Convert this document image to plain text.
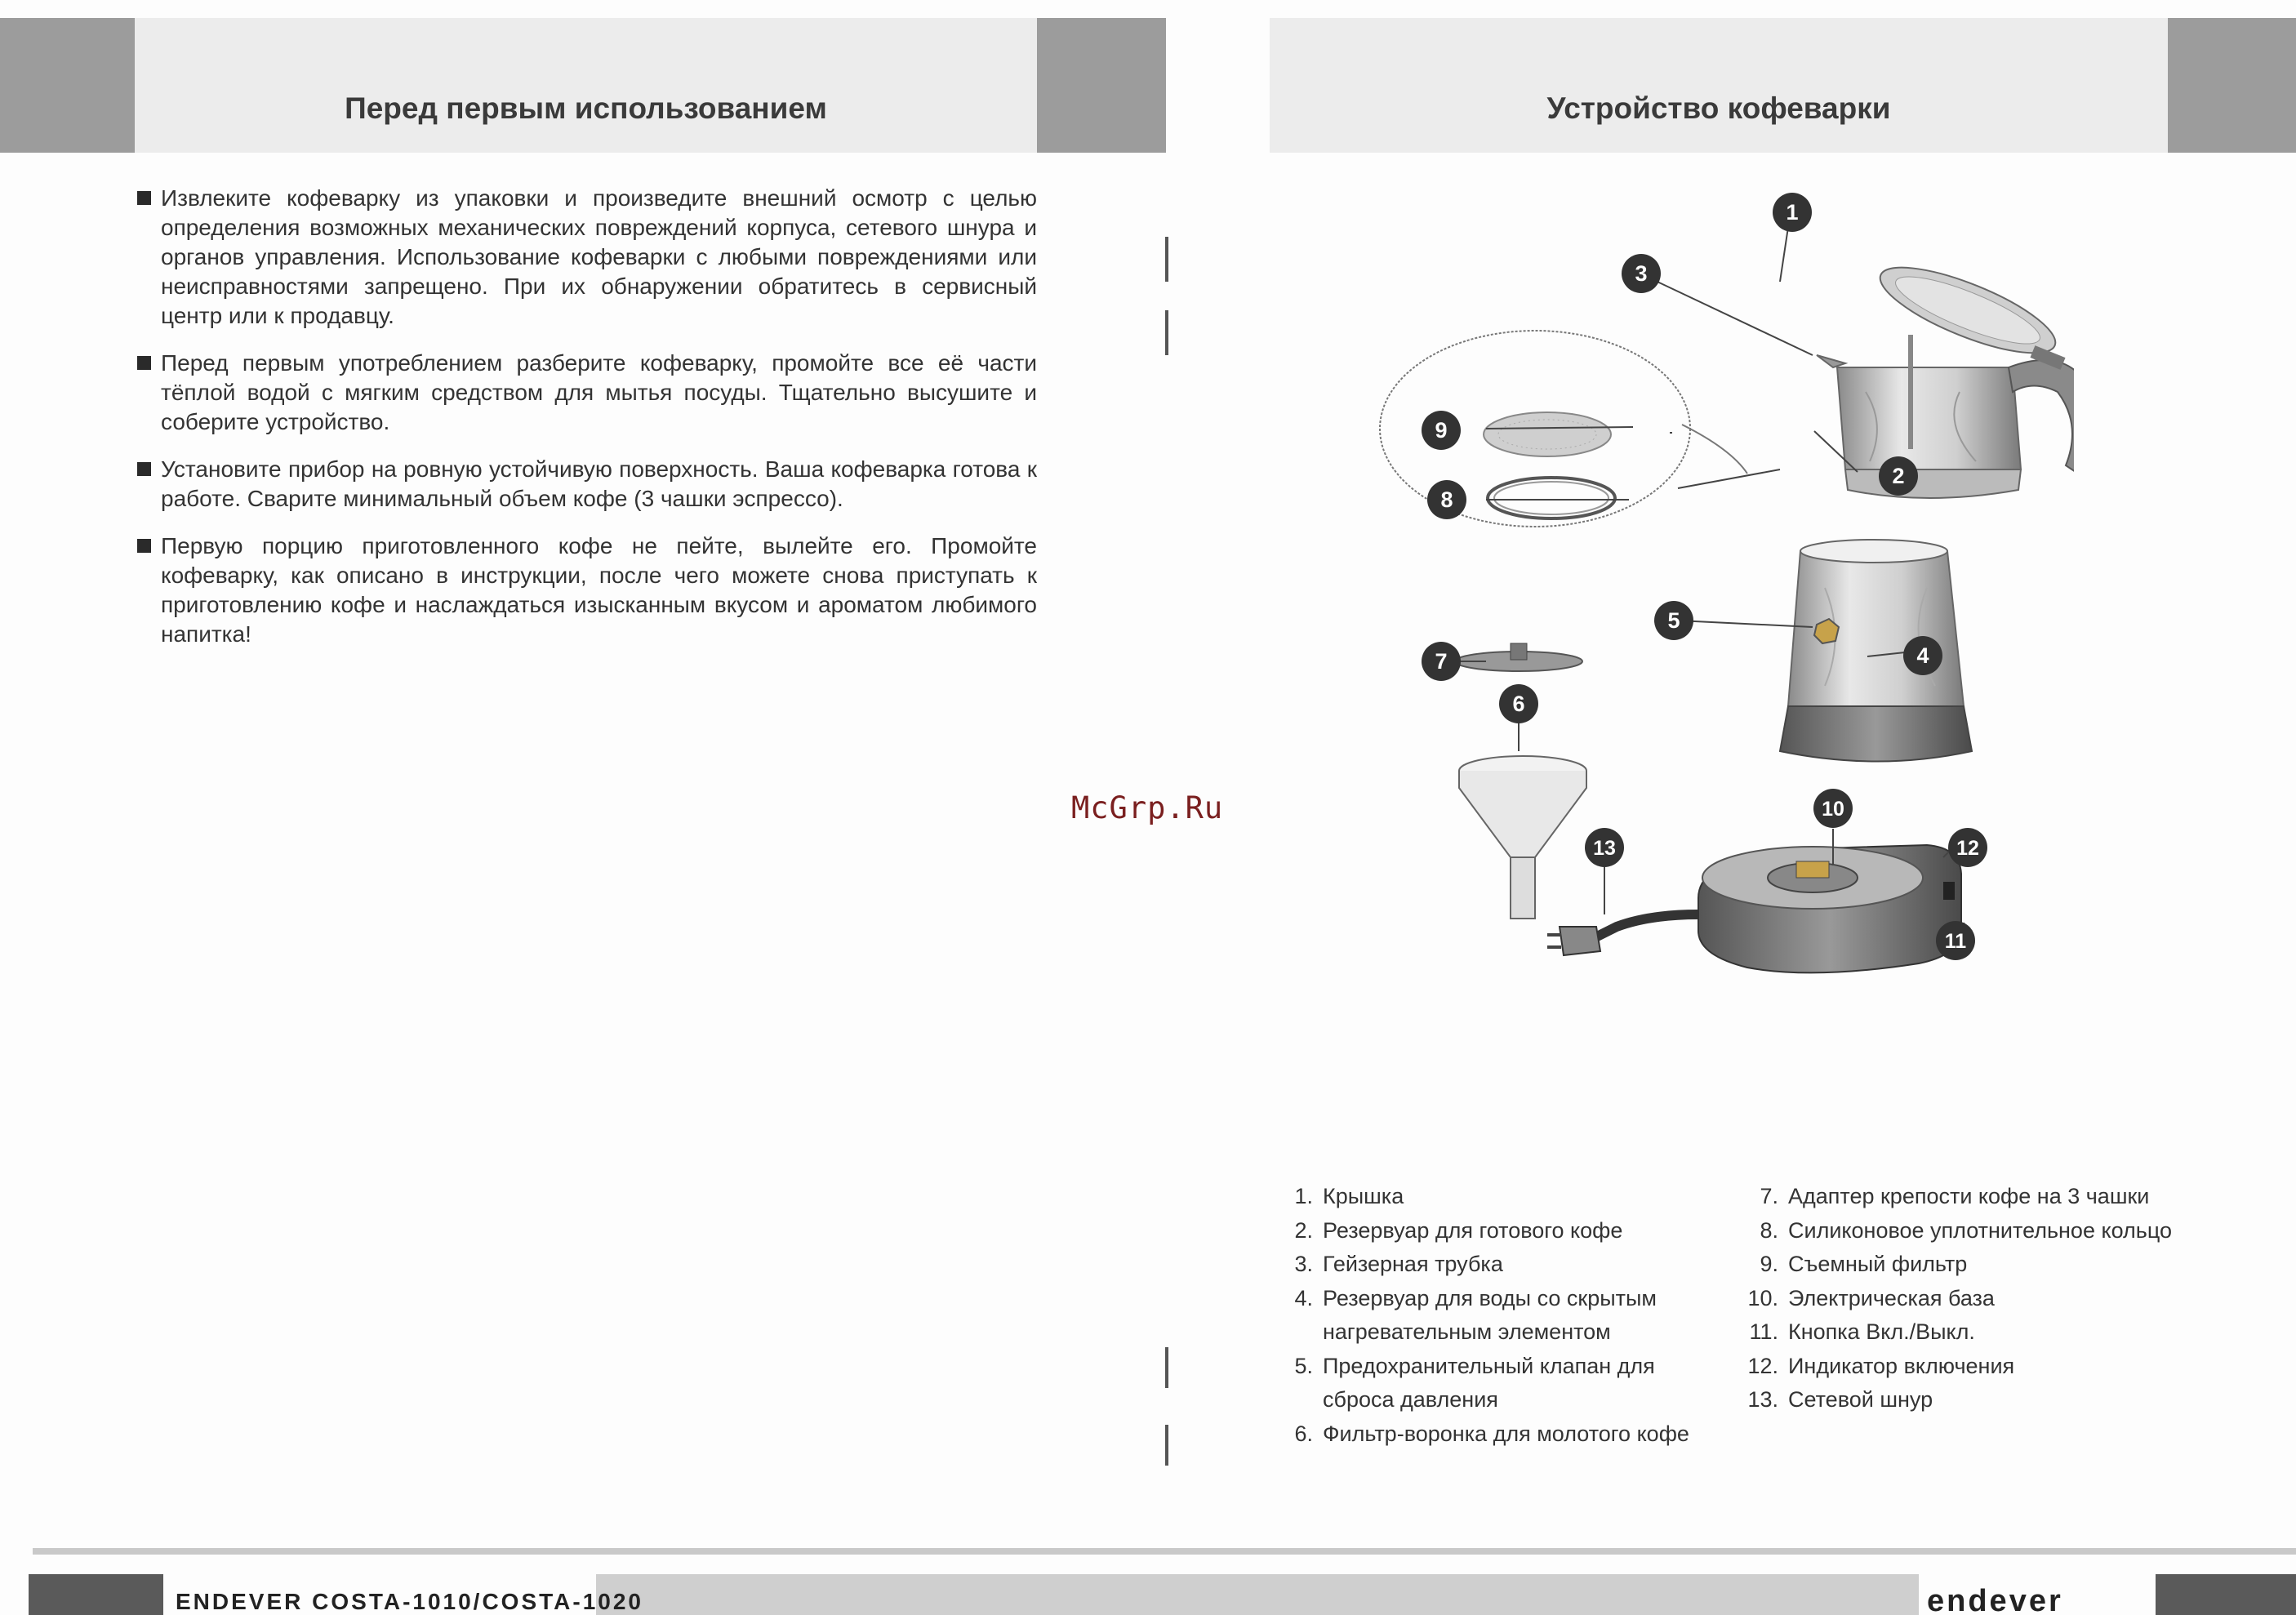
Перед первым использованием	Устройство кофеварки
Извлеките кофеварку из упаковки и произведите внешний осмотр с целью определения возможных механических повреждений корпуса, сетевого шнура и органов управления. Использование кофеварки с любыми повреждениями или неисправностями запрещено. При их обнаружении обратитесь в сервисный центр или к продавцу.
Перед первым употреблением разберите кофеварку, промойте все её части тёплой водой с мягким средством для мытья посуды. Тщательно высушите и соберите устройство.
Установите прибор на ровную устойчивую поверхность. Ваша кофеварка готова к работе. Сварите минимальный объем кофе (3 чашки эспрессо).
Первую порцию приготовленного кофе не пейте, вылейте его. Промойте кофеварку, как описано в инструкции, после чего можете снова приступать к приготовлению кофе и наслаждаться изысканным вкусом и ароматом любимого напитка!
McGrp.Ru
1
2
3
4
5
6
7
8
9
10
11
12
13
1. Крышка
2. Резервуар для готового кофе
3. Гейзерная трубка
4. Резервуар для воды со скрытым нагревательным элементом
5. Предохранительный клапан для сброса давления
6. Фильтр-воронка для молотого кофе
7. Адаптер крепости кофе на 3 чашки
8. Силиконовое уплотнительное кольцо
9. Съемный фильтр
10. Электрическая база
11. Кнопка Вкл./Выкл.
12. Индикатор включения
13. Сетевой шнур
ENDEVER COSTA-1010/COSTA-1020	endever
